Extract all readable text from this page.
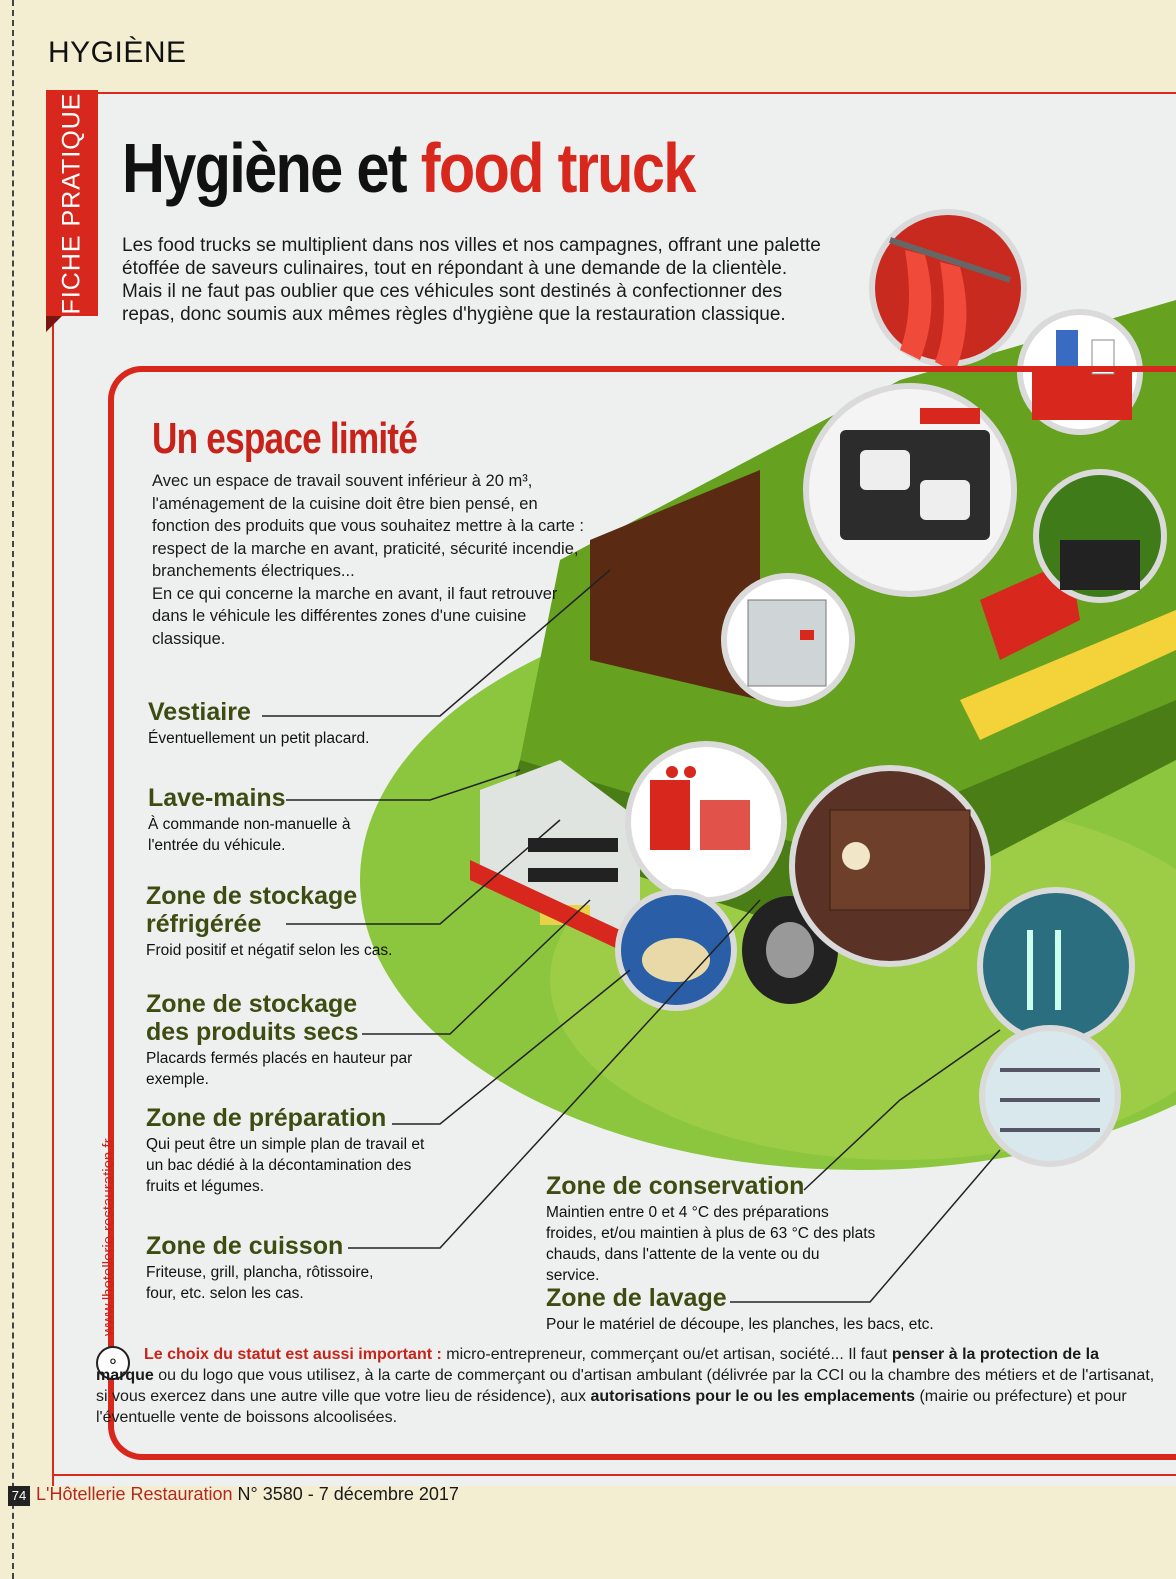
HYGIÈNE
FICHE PRATIQUE Hygiène et food truck
Les food trucks se multiplient dans nos villes et nos campagnes, offrant une palette étoffée de saveurs culinaires, tout en répondant à une demande de la clientèle. Mais il ne faut pas oublier que ces véhicules sont destinés à confectionner des repas, donc soumis aux mêmes règles d'hygiène que la restauration classique.
Un espace limité
Avec un espace de travail souvent inférieur à 20 m³, l'aménagement de la cuisine doit être bien pensé, en fonction des produits que vous souhaitez mettre à la carte : respect de la marche en avant, praticité, sécurité incendie, branchements électriques...
En ce qui concerne la marche en avant, il faut retrouver dans le véhicule les différentes zones d'une cuisine classique.
Vestiaire
Éventuellement un petit placard.
Lave-mains
À commande non-manuelle à l'entrée du véhicule.
Zone de stockage réfrigérée
Froid positif et négatif selon les cas.
Zone de stockage des produits secs
Placards fermés placés en hauteur par exemple.
Zone de préparation
Qui peut être un simple plan de travail et un bac dédié à la décontamination des fruits et légumes.
Zone de cuisson
Friteuse, grill, plancha, rôtissoire, four, etc. selon les cas.
Zone de conservation
Maintien entre 0 et 4 °C des préparations froides, et/ou maintien à plus de 63 °C des plats chauds, dans l'attente de la vente ou du service.
Zone de lavage
Pour le matériel de découpe, les planches, les bacs, etc.
www.lhotellerie-restauration.fr
⚬	Le choix du statut est aussi important : micro-entrepreneur, commerçant ou/et artisan, société... Il faut penser à la protection de la marque ou du logo que vous utilisez, à la carte de commerçant ou d'artisan ambulant (délivrée par la CCI ou la chambre des métiers et de l'artisanat, si vous exercez dans une autre ville que votre lieu de résidence), aux autorisations pour le ou les emplacements (mairie ou préfecture) et pour l'éventuelle vente de boissons alcoolisées.
74 L'Hôtellerie Restauration N° 3580 - 7 décembre 2017
